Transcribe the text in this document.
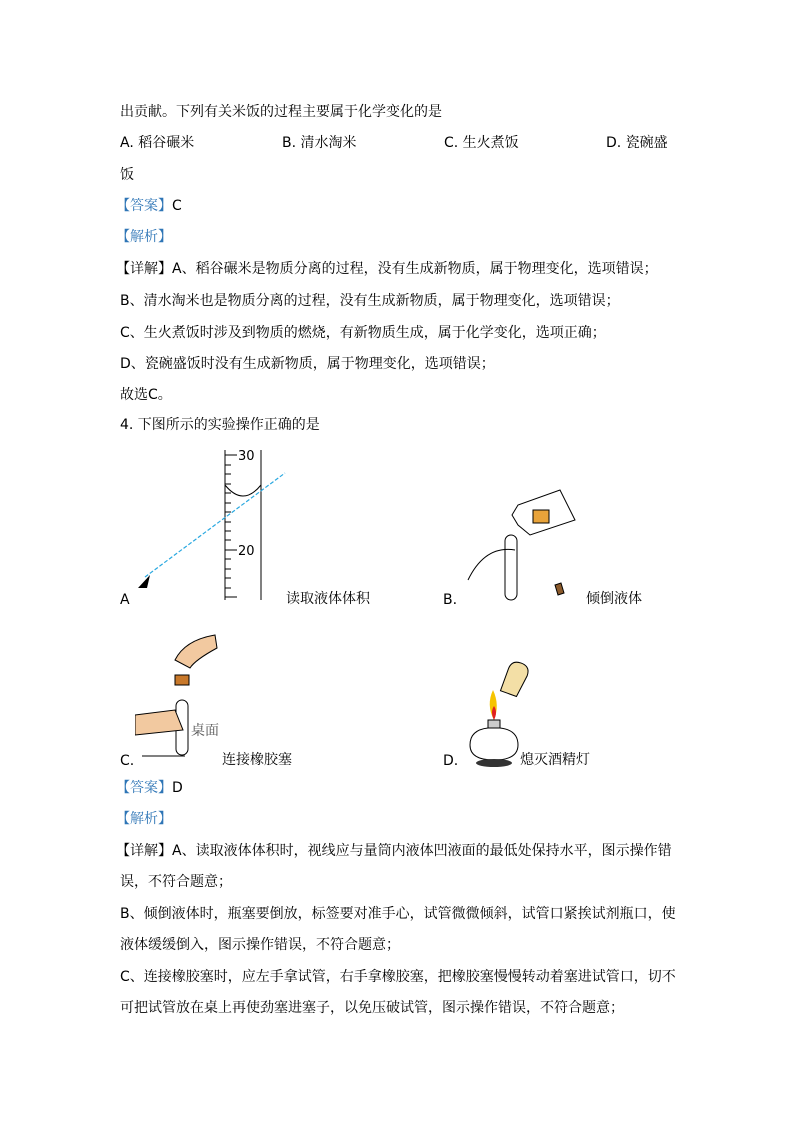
出贡献。下列有关米饭的过程主要属于化学变化的是
A. 稻谷碾米	B. 清水淘米	C. 生火煮饭	D. 瓷碗盛
饭
【答案】C
【解析】
【详解】A、稻谷碾米是物质分离的过程，没有生成新物质，属于物理变化，选项错误；
B、清水淘米也是物质分离的过程，没有生成新物质，属于物理变化，选项错误；
C、生火煮饭时涉及到物质的燃烧，有新物质生成，属于化学变化，选项正确；
D、瓷碗盛饭时没有生成新物质，属于物理变化，选项错误；
故选C。
4. 下图所示的实验操作正确的是
30
20
A	读取液体体积	B.	倾倒液体
桌面
C.	连接橡胶塞	D.	熄灭酒精灯
【答案】D
【解析】
【详解】A、读取液体体积时，视线应与量筒内液体凹液面的最低处保持水平，图示操作错
误，不符合题意；
B、倾倒液体时，瓶塞要倒放，标签要对准手心，试管微微倾斜，试管口紧挨试剂瓶口，使
液体缓缓倒入，图示操作错误，不符合题意；
C、连接橡胶塞时，应左手拿试管，右手拿橡胶塞，把橡胶塞慢慢转动着塞进试管口，切不
可把试管放在桌上再使劲塞进塞子，以免压破试管，图示操作错误，不符合题意；
